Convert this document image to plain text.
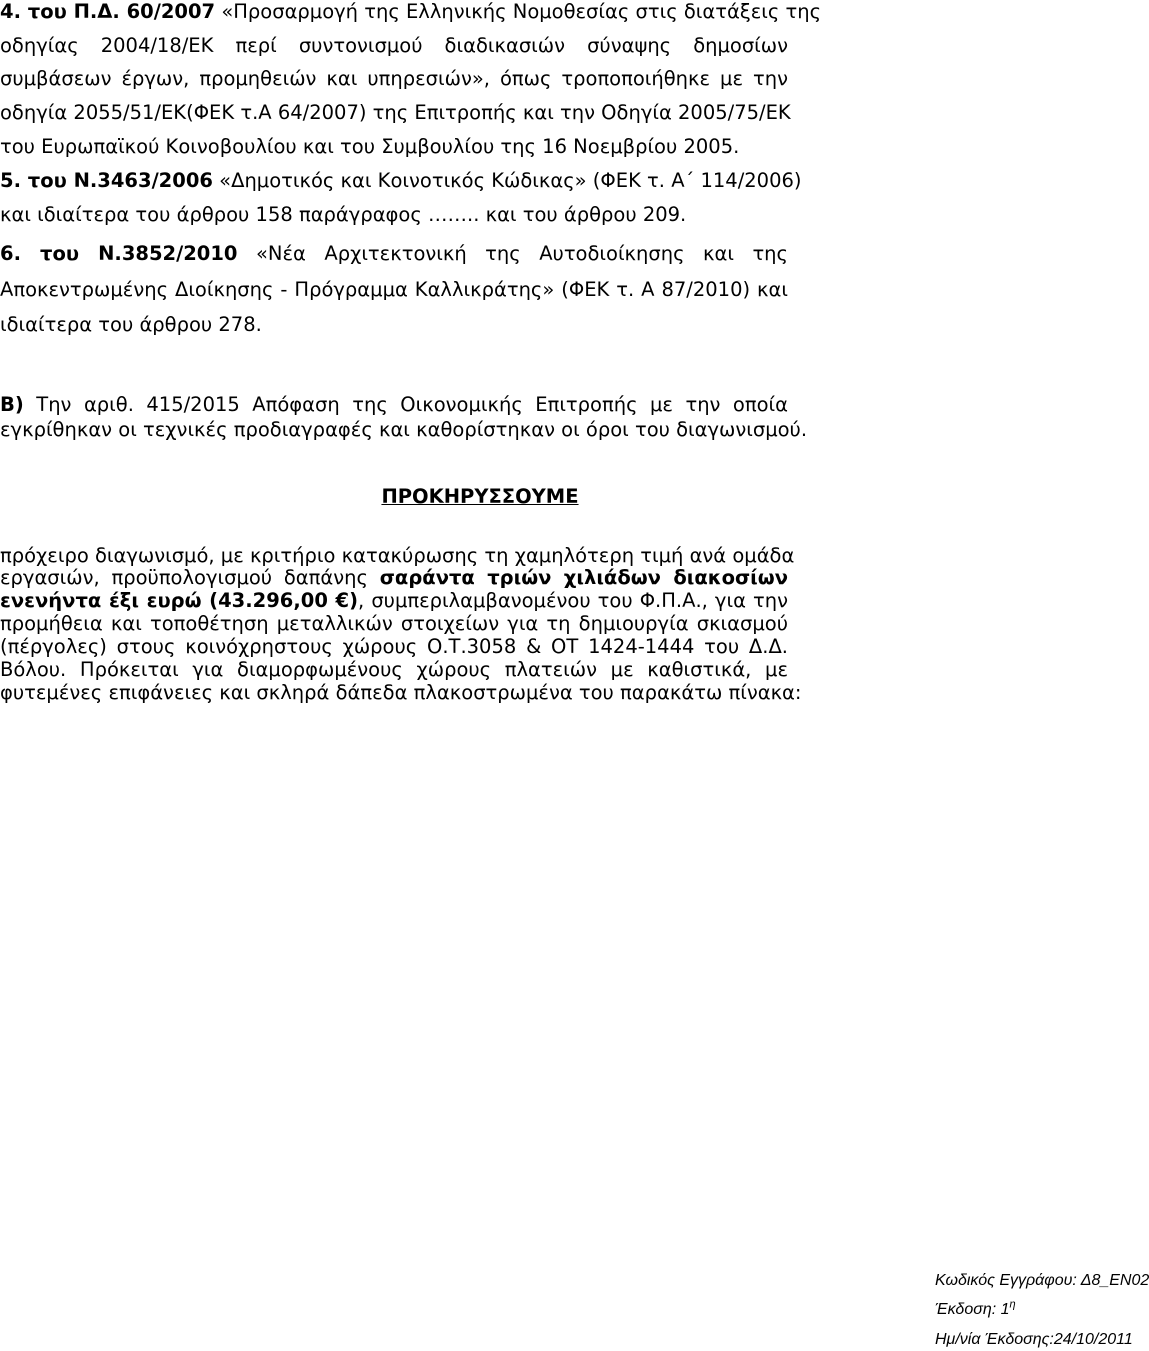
4. του Π.Δ. 60/2007 «Προσαρμογή της Ελληνικής Νομοθεσίας στις διατάξεις της
οδηγίας 2004/18/ΕΚ περί συντονισμού διαδικασιών σύναψης δημοσίων
συμβάσεων έργων, προμηθειών και υπηρεσιών», όπως τροποποιήθηκε με την
οδηγία 2055/51/ΕΚ(ΦΕΚ τ.Α 64/2007) της Επιτροπής και την Οδηγία 2005/75/ΕΚ
του Ευρωπαϊκού Κοινοβουλίου και του Συμβουλίου της 16 Νοεμβρίου 2005.
5. του Ν.3463/2006 «Δημοτικός και Κοινοτικός Κώδικας» (ΦΕΚ τ. Α΄ 114/2006)
και ιδιαίτερα του άρθρου 158 παράγραφος …….. και του άρθρου 209.
6. του Ν.3852/2010 «Νέα Αρχιτεκτονική της Αυτοδιοίκησης και της
Αποκεντρωμένης Διοίκησης - Πρόγραμμα Καλλικράτης» (ΦΕΚ τ. Α 87/2010) και
ιδιαίτερα του άρθρου 278.
Β) Την αριθ. 415/2015 Απόφαση της Οικονομικής Επιτροπής με την οποία
εγκρίθηκαν οι τεχνικές προδιαγραφές και καθορίστηκαν οι όροι του διαγωνισμού.
ΠΡΟΚΗΡΥΣΣΟΥΜΕ
πρόχειρο διαγωνισμό, με κριτήριο κατακύρωσης τη χαμηλότερη τιμή ανά ομάδα
εργασιών, προϋπολογισμού δαπάνης σαράντα τριών χιλιάδων διακοσίων
ενενήντα έξι ευρώ (43.296,00 €), συμπεριλαμβανομένου του Φ.Π.Α., για την
προμήθεια και τοποθέτηση μεταλλικών στοιχείων για τη δημιουργία σκιασμού
(πέργολες) στους κοινόχρηστους χώρους Ο.Τ.3058 & ΟΤ 1424-1444 του Δ.Δ.
Βόλου. Πρόκειται για διαμορφωμένους χώρους πλατειών με καθιστικά, με
φυτεμένες επιφάνειες και σκληρά δάπεδα πλακοστρωμένα του παρακάτω πίνακα:
Κωδικός Εγγράφου: Δ8_ΕΝ02
Έκδοση: $1^\eta$
Ημ/νία Έκδοσης:24/10/2011
